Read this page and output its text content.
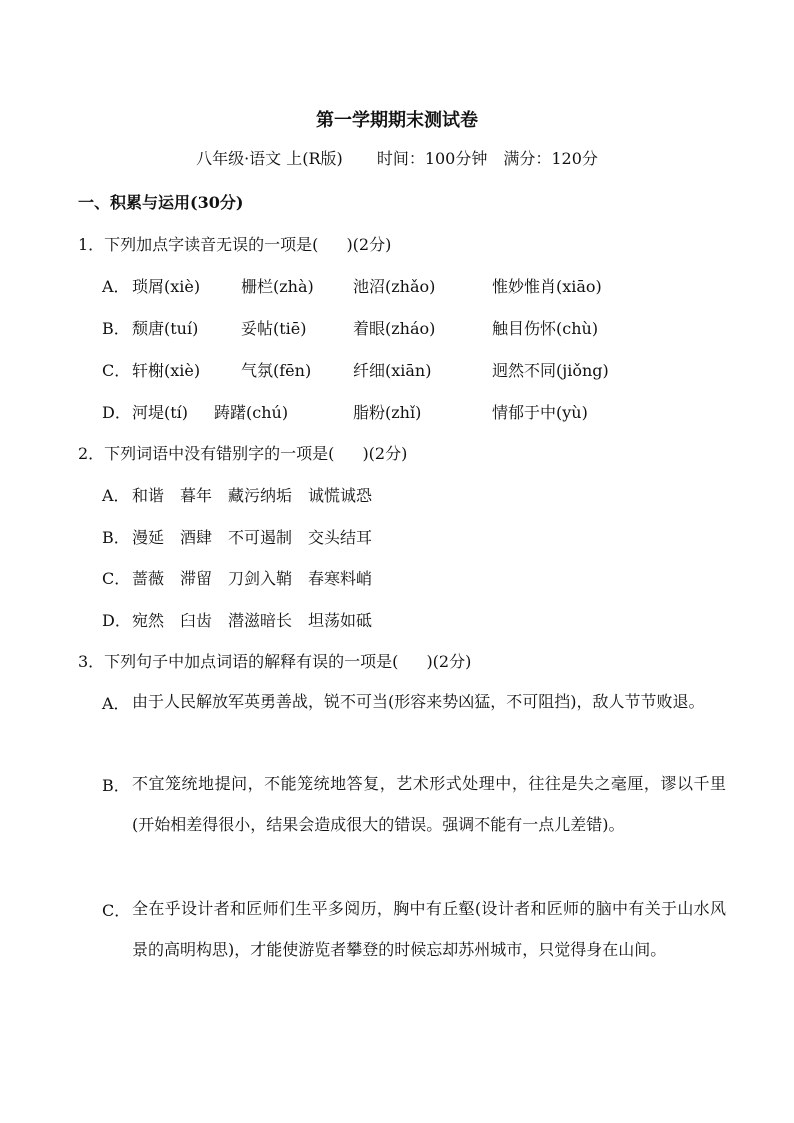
第一学期期末测试卷
八年级·语文 上(R版) 时间：100分钟 满分：120分
一、积累与运用(30分)
1．下列加点字读音无误的一项是( )(2分)
A． 琐屑(xiè)	栅栏(zhà) 池沼(zhǎo)	惟妙惟肖(xiāo)
B． 颓唐(tuí)	妥帖(tiē)	着眼(zháo)	触目伤怀(chù)
C． 轩榭(xiè)	气氛(fēn)	纤细(xiān)	迥然不同(jiǒng)
D． 河堤(tí) 踌躇(chú)	脂粉(zhǐ)	情郁于中(yù)
2．下列词语中没有错别字的一项是( )(2分)
A． 和谐　暮年　藏污纳垢　诚慌诚恐
B． 漫延　酒肆　不可遏制　交头结耳
C． 蔷薇　滞留　刀剑入鞘　春寒料峭
D．宛然　臼齿　潜滋暗长　坦荡如砥
3．下列句子中加点词语的解释有误的一项是( )(2分)
A． 由于人民解放军英勇善战，锐不可当(形容来势凶猛，不可阻挡)，敌人节节败退。
B． 不宜笼统地提问，不能笼统地答复，艺术形式处理中，往往是失之毫厘，谬以千里(开始相差得很小，结果会造成很大的错误。强调不能有一点儿差错)。
C． 全在乎设计者和匠师们生平多阅历，胸中有丘壑(设计者和匠师的脑中有关于山水风景的高明构思)，才能使游览者攀登的时候忘却苏州城市，只觉得身在山间。
